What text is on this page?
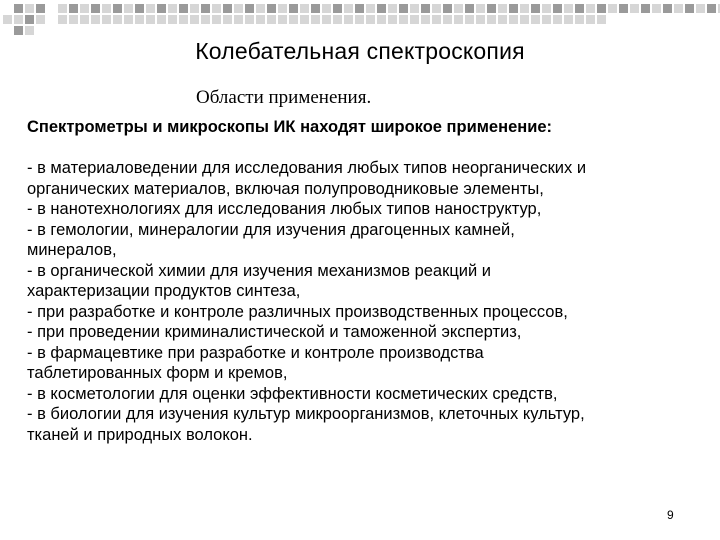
Колебательная спектроскопия
Области применения.
Спектрометры и микроскопы ИК находят широкое применение:
- в материаловедении для исследования любых типов неорганических и
органических материалов, включая полупроводниковые элементы,
- в нанотехнологиях для исследования любых типов наноструктур,
- в гемологии, минералогии для изучения драгоценных камней,
минералов,
- в органической химии для изучения механизмов реакций и
характеризации продуктов синтеза,
- при разработке и контроле различных производственных процессов,
- при проведении криминалистической и таможенной экспертиз,
- в фармацевтике при разработке и контроле производства
таблетированных форм и кремов,
- в косметологии для оценки эффективности косметических средств,
- в биологии для изучения культур микроорганизмов, клеточных культур,
тканей и природных волокон.
9
